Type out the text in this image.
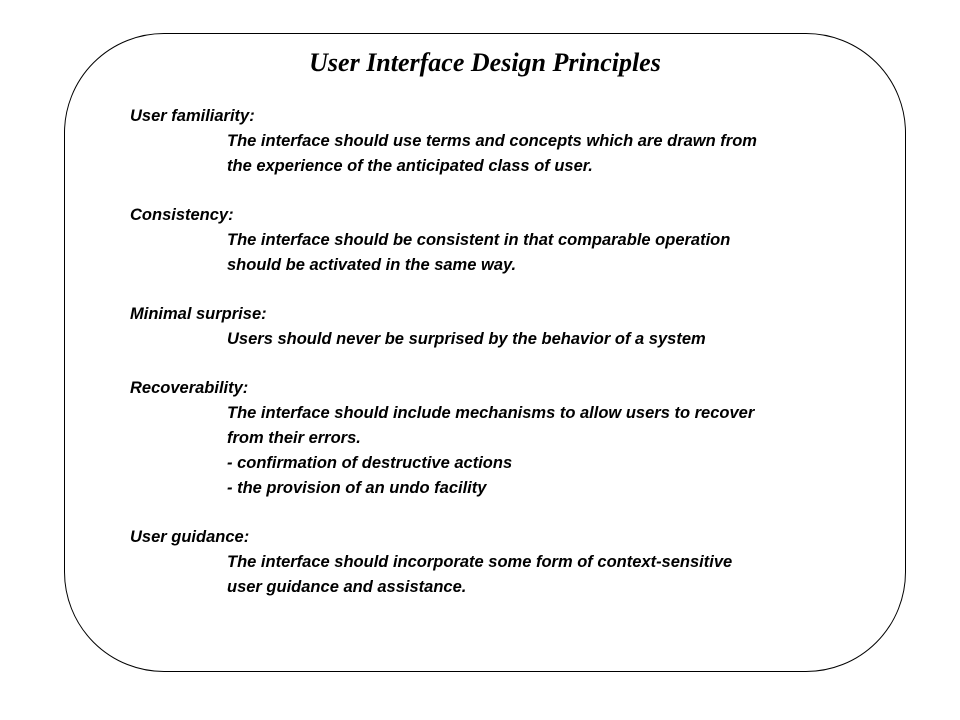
User Interface Design Principles
User familiarity:
The interface should use terms and concepts which are drawn from
the experience of the anticipated class of user.
Consistency:
The interface should be consistent in that comparable operation
should be activated in the same way.
Minimal surprise:
Users should never be surprised by the behavior of a system
Recoverability:
The interface should include mechanisms to allow users to recover
from their errors.
- confirmation of destructive actions
- the provision of an undo facility
User guidance:
The interface should incorporate some form of context-sensitive
user guidance and assistance.
